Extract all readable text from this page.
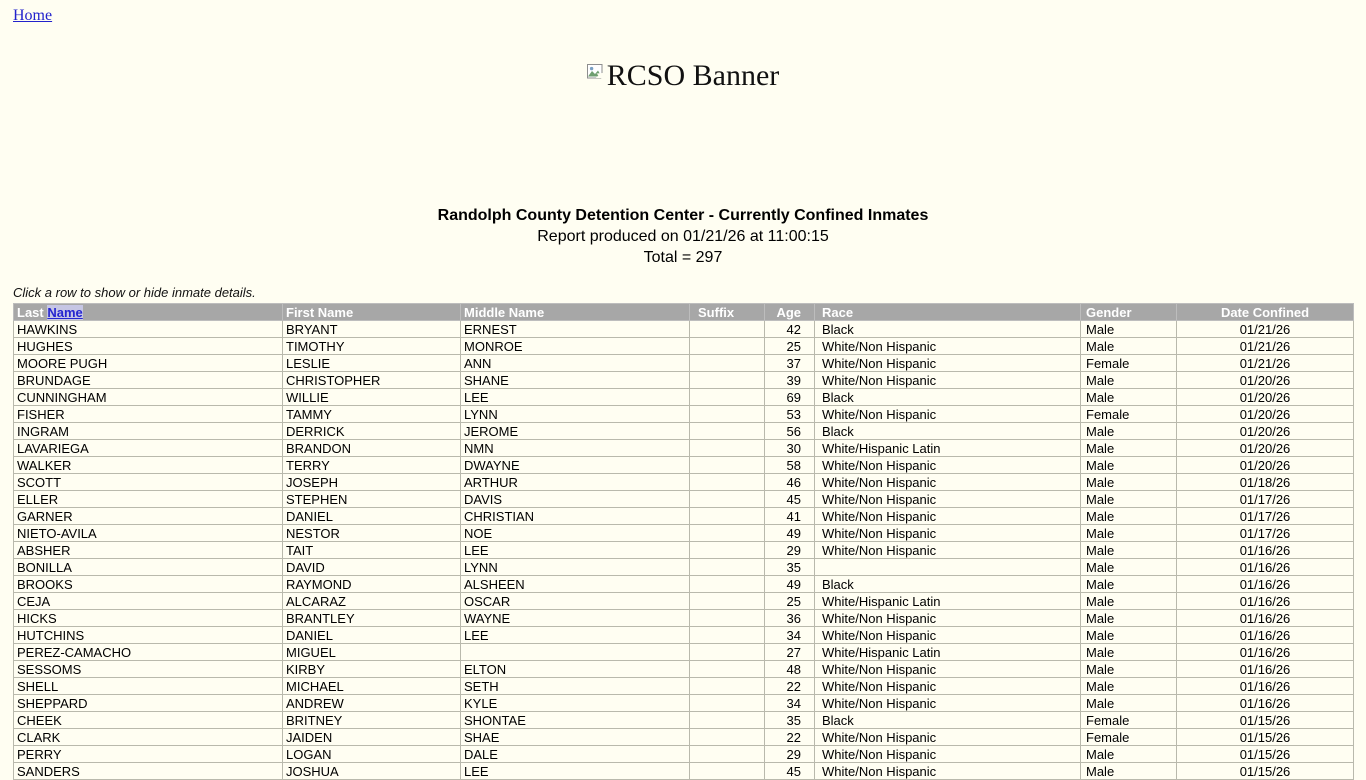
Home
RCSO Banner
Randolph County Detention Center - Currently Confined Inmates
Report produced on 01/21/26 at 11:00:15
Total = 297
Click a row to show or hide inmate details.
Last Name	First Name	Middle Name	Suffix	Age	Race	Gender	Date Confined
HAWKINS	BRYANT	ERNEST		42	Black	Male	01/21/26
HUGHES	TIMOTHY	MONROE		25	White/Non Hispanic	Male	01/21/26
MOORE PUGH	LESLIE	ANN		37	White/Non Hispanic	Female	01/21/26
BRUNDAGE	CHRISTOPHER	SHANE		39	White/Non Hispanic	Male	01/20/26
CUNNINGHAM	WILLIE	LEE		69	Black	Male	01/20/26
FISHER	TAMMY	LYNN		53	White/Non Hispanic	Female	01/20/26
INGRAM	DERRICK	JEROME		56	Black	Male	01/20/26
LAVARIEGA	BRANDON	NMN		30	White/Hispanic Latin	Male	01/20/26
WALKER	TERRY	DWAYNE		58	White/Non Hispanic	Male	01/20/26
SCOTT	JOSEPH	ARTHUR		46	White/Non Hispanic	Male	01/18/26
ELLER	STEPHEN	DAVIS		45	White/Non Hispanic	Male	01/17/26
GARNER	DANIEL	CHRISTIAN		41	White/Non Hispanic	Male	01/17/26
NIETO-AVILA	NESTOR	NOE		49	White/Non Hispanic	Male	01/17/26
ABSHER	TAIT	LEE		29	White/Non Hispanic	Male	01/16/26
BONILLA	DAVID	LYNN		35		Male	01/16/26
BROOKS	RAYMOND	ALSHEEN		49	Black	Male	01/16/26
CEJA	ALCARAZ	OSCAR		25	White/Hispanic Latin	Male	01/16/26
HICKS	BRANTLEY	WAYNE		36	White/Non Hispanic	Male	01/16/26
HUTCHINS	DANIEL	LEE		34	White/Non Hispanic	Male	01/16/26
PEREZ-CAMACHO	MIGUEL			27	White/Hispanic Latin	Male	01/16/26
SESSOMS	KIRBY	ELTON		48	White/Non Hispanic	Male	01/16/26
SHELL	MICHAEL	SETH		22	White/Non Hispanic	Male	01/16/26
SHEPPARD	ANDREW	KYLE		34	White/Non Hispanic	Male	01/16/26
CHEEK	BRITNEY	SHONTAE		35	Black	Female	01/15/26
CLARK	JAIDEN	SHAE		22	White/Non Hispanic	Female	01/15/26
PERRY	LOGAN	DALE		29	White/Non Hispanic	Male	01/15/26
SANDERS	JOSHUA	LEE		45	White/Non Hispanic	Male	01/15/26
